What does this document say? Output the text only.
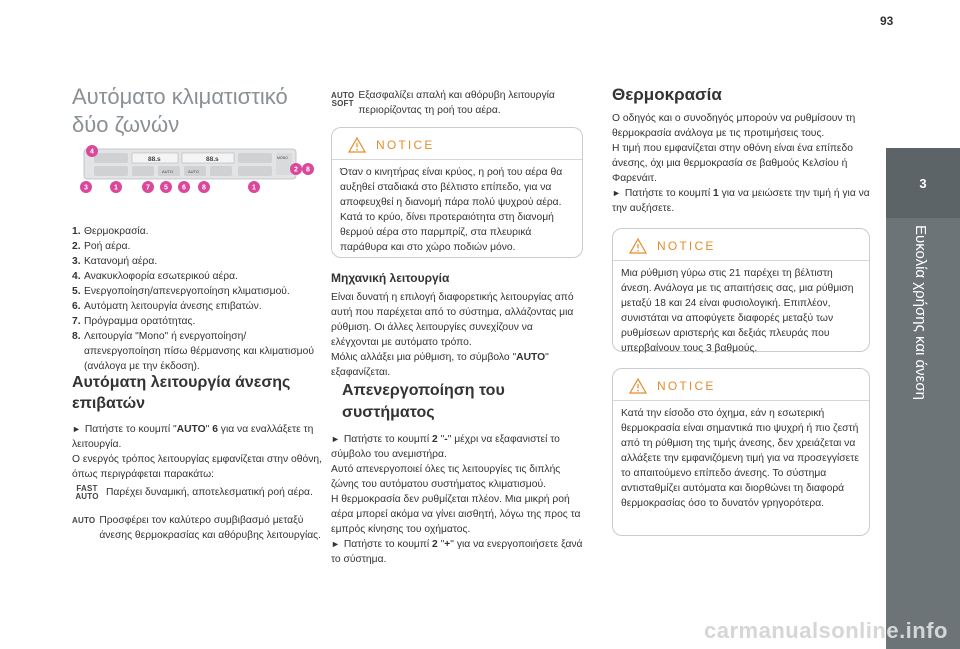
93
3
Ευκολία χρήσης και άνεση
Αυτόματο κλιματιστικό δύο ζωνών
88.s	88.s
AUTO	AUTO
MONO
4
3	1	7 5 6 8	1
2 8
1. Θερμοκρασία.
2. Ροή αέρα.
3. Κατανομή αέρα.
4. Ανακυκλοφορία εσωτερικού αέρα.
5. Ενεργοποίηση/απενεργοποίηση κλιματισμού.
6. Αυτόματη λειτουργία άνεσης επιβατών.
7. Πρόγραμμα ορατότητας.
8. Λειτουργία "Mono" ή ενεργοποίηση/απενεργοποίηση πίσω θέρμανσης και κλιματισμού (ανάλογα με την έκδοση).
Αυτόματη λειτουργία άνεσης επιβατών

► Πατήστε το κουμπί "AUTO" 6 για να εναλλάξετε τη λειτουργία.

Ο ενεργός τρόπος λειτουργίας εμφανίζεται στην οθόνη, όπως περιγράφεται παρακάτω:

FAST
AUTO Παρέχει δυναμική, αποτελεσματική ροή αέρα.

AUTO Προσφέρει τον καλύτερο συμβιβασμό μεταξύ άνεσης θερμοκρασίας και αθόρυβης λειτουργίας.

AUTO
SOFT

Εξασφαλίζει απαλή και αθόρυβη λειτουργία περιορίζοντας τη ροή του αέρα.

NOTICE

Όταν ο κινητήρας είναι κρύος, η ροή του αέρα θα αυξηθεί σταδιακά στο βέλτιστο επίπεδο, για να αποφευχθεί η διανομή πάρα πολύ ψυχρού αέρα. Κατά το κρύο, δίνει προτεραιότητα στη διανομή θερμού αέρα στο παρμπρίζ, στα πλευρικά παράθυρα και στο χώρο ποδιών μόνο.

Μηχανική λειτουργία

Είναι δυνατή η επιλογή διαφορετικής λειτουργίας από αυτή που παρέχεται από το σύστημα, αλλάζοντας μια ρύθμιση. Οι άλλες λειτουργίες συνεχίζουν να ελέγχονται με αυτόματο τρόπο.

Μόλις αλλάξει μια ρύθμιση, το σύμβολο "AUTO" εξαφανίζεται.

Απενεργοποίηση του συστήματος

► Πατήστε το κουμπί 2 "-" μέχρι να εξαφανιστεί το σύμβολο του ανεμιστήρα.

Αυτό απενεργοποιεί όλες τις λειτουργίες τις διπλής ζώνης του αυτόματου συστήματος κλιματισμού.

Η θερμοκρασία δεν ρυθμίζεται πλέον. Μια μικρή ροή αέρα μπορεί ακόμα να γίνει αισθητή, λόγω της προς τα εμπρός κίνησης του οχήματος.

► Πατήστε το κουμπί 2 "+" για να ενεργοποιήσετε ξανά το σύστημα.

Θερμοκρασία

Ο οδηγός και ο συνοδηγός μπορούν να ρυθμίσουν τη θερμοκρασία ανάλογα με τις προτιμήσεις τους.

Η τιμή που εμφανίζεται στην οθόνη είναι ένα επίπεδο άνεσης, όχι μια θερμοκρασία σε βαθμούς Κελσίου ή Φαρενάιτ.

► Πατήστε το κουμπί 1 για να μειώσετε την τιμή ή για να την αυξήσετε.

NOTICE

Μια ρύθμιση γύρω στις 21 παρέχει τη βέλτιστη άνεση. Ανάλογα με τις απαιτήσεις σας, μια ρύθμιση μεταξύ 18 και 24 είναι φυσιολογική. Επιπλέον, συνιστάται να αποφύγετε διαφορές μεταξύ των ρυθμίσεων αριστερής και δεξιάς πλευράς που υπερβαίνουν τους 3 βαθμούς.

NOTICE

Κατά την είσοδο στο όχημα, εάν η εσωτερική θερμοκρασία είναι σημαντικά πιο ψυχρή ή πιο ζεστή από τη ρύθμιση της τιμής άνεσης, δεν χρειάζεται να αλλάξετε την εμφανιζόμενη τιμή για να προσεγγίσετε το απαιτούμενο επίπεδο άνεσης. Το σύστημα αντισταθμίζει αυτόματα και διορθώνει τη διαφορά θερμοκρασίας όσο το δυνατόν γρηγορότερα.

carmanualsonline.info
